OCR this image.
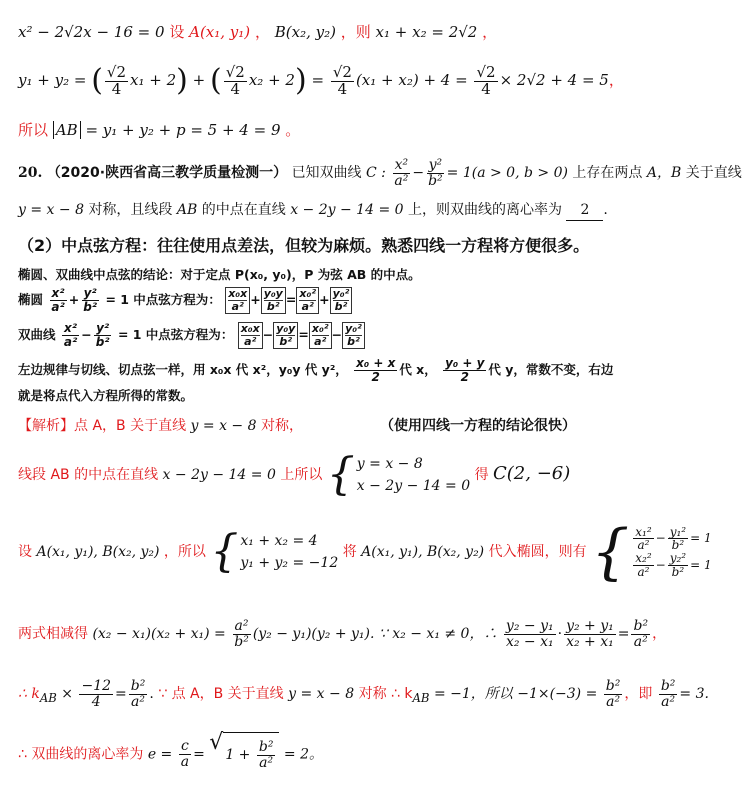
x² − 2√2x − 16 = 0 设 A(x₁, y₁) ， B(x₂, y₂) ，则 x₁ + x₂ = 2√2 ，
y₁ + y₂ = ( $\frac{√2}{4} x_1 + 2$) + ( $\frac{√2}{4} x_2 + 2) = \frac{√2}{4} (x_1 + x_2) + 4 = \frac{√2}{4} \times 2√2 + 4 = 5$，
所以 AB = y₁ + y₂ + p = 5 + 4 = 9 。
20. （2020·陕西省高三教学质量检测一） 已知双曲线 C : $\frac{\text{x²}}{\text{a²}} - \frac{\text{y²}}{\text{b²}} = 1(a > 0$, b > 0) 上存在两点 A，B 关于直线
y = x − 8 对称，且线段 AB 的中点在直线 x − 2y − 14 = 0 上，则双曲线的离心率为 2 .
（2）中点弦方程：往往使用点差法，但较为麻烦。熟悉四线一方程将方便很多。
椭圆、双曲线中点弦的结论：对于定点 P(x₀, y₀)，P 为弦 AB 的中点。
椭圆 $\frac{\text{x²}}{\text{a²}} + \frac{\text{y²}}{\text{b²}} = 1$ 中点弦方程为： $\frac{\text{x₀x}}{\text{a²}} + \frac{\text{y₀y}}{\text{b²}} = \frac{\text{x₀²}}{\text{a²}} + \frac{\text{y₀²}}{\text{b²}}$
双曲线 $\frac{\text{x²}}{\text{a²}} - \frac{\text{y²}}{\text{b²}} = 1$ 中点弦方程为： $\frac{\text{x₀x}}{\text{a²}} - \frac{\text{y₀y}}{\text{b²}} = \frac{\text{x₀²}}{\text{a²}} - \frac{\text{y₀²}}{\text{b²}}$
左边规律与切线、切点弦一样，用 x₀x 代 x²，y₀y 代 y²， $\frac{\text{x₀ + x}}{2}$ 代 x， $\frac{\text{y₀ + y}}{2}$ 代 y，常数不变，右边
就是将点代入方程所得的常数。
【解析】点 A，B 关于直线 y = x − 8 对称，	（使用四线一方程的结论很快）
线段 AB 的中点在直线 x − 2y − 14 = 0 上所以 { y = x − 8
x − 2y − 14 = 0
得 C(2, −6)
设 A(x₁, y₁), B(x₂, y₂) ，所以 { x₁ + x₂ = 4
y₁ + y₂ = −12
将 A(x₁, y₁), B(x₂, y₂) 代入椭圆，则有 { $\frac{\text{x₁²}}{\text{a²}} - \frac{\text{y₁²}}{\text{b²}} = 1$
$\frac{\text{x₂²}}{\text{a²}} - \frac{\text{y₂²}}{\text{b²}} = 1$
两式相减得 $(x_2 - x_1)(x_2 + x_1) = \frac{\text{a²}}{\text{b²}} (y_2 - y_1)(y_2 + y_1)$. ∵ x₂ − x₁ ≠ 0，∴ $\frac{\text{y₂ − y₁}}{\text{x₂ − x₁}} \cdot \frac{\text{y₂ + y₁}}{\text{x₂ + x₁}} = \frac{\text{b²}}{\text{a²}}$ ，
∴ $k_{AB} \times \frac{-12}{4} = \frac{\text{b²}}{\text{a²}}$ . ∵ 点 A，B 关于直线 y = x − 8 对称 ∴ $k_{AB} = -1$，所以 $-1\times(-3) = \frac{\text{b²}}{\text{a²}}$ ，即 $\frac{\text{b²}}{\text{a²}} = 3$.
∴ 双曲线的离心率为 $e = \frac{c}{a}$ = √ $1 + \frac{\text{b²}}{\text{a²}} = 2$。
